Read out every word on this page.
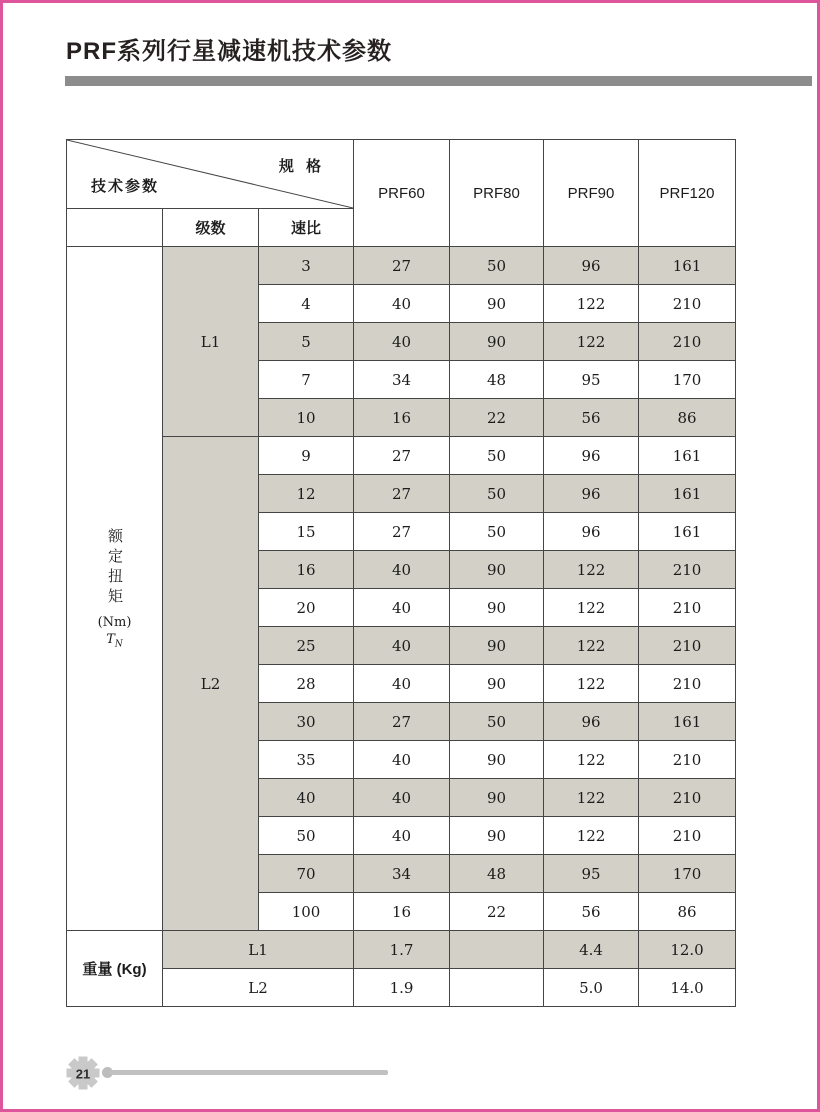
PRF系列行星减速机技术参数
规 格
技术参数			PRF60	PRF80	PRF90	PRF120
	级数	速比				

额定扭矩
(Nm)
$T_N$	L1	3	27	50	96	161
		4	40	90	122	210
		5	40	90	122	210
		7	34	48	95	170
		10	16	22	56	86
	L2	9	27	50	96	161
		12	27	50	96	161
		15	27	50	96	161
		16	40	90	122	210
		20	40	90	122	210
		25	40	90	122	210
		28	40	90	122	210
		30	27	50	96	161
		35	40	90	122	210
		40	40	90	122	210
		50	40	90	122	210
		70	34	48	95	170
		100	16	22	56	86
重量 (Kg)	L1		1.7		4.4	12.0
	L2		1.9		5.0	14.0
21
